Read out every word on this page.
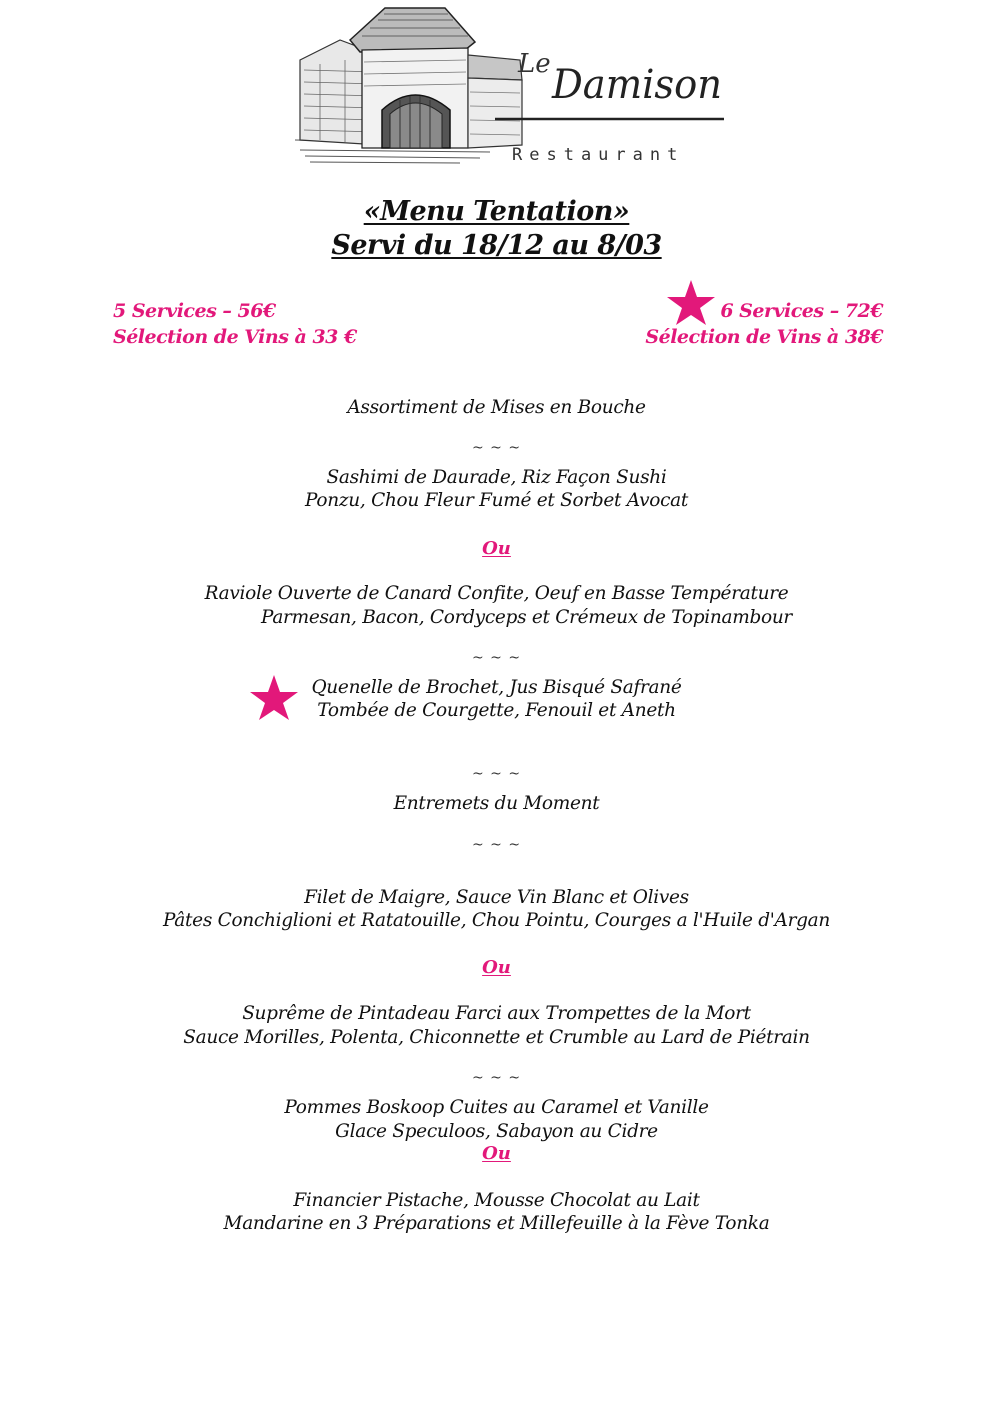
Le Damison
Restaurant
«Menu Tentation»
Servi du 18/12 au 8/03
5 Services – 56€
Sélection de Vins à 33 €
6 Services – 72€
Sélection de Vins à 38€
Assortiment de Mises en Bouche
~ ~ ~
Sashimi de Daurade, Riz Façon Sushi
Ponzu, Chou Fleur Fumé et Sorbet Avocat
Ou
Raviole Ouverte de Canard Confite, Oeuf en Basse Température
Parmesan, Bacon, Cordyceps et Crémeux de Topinambour
~ ~ ~
Quenelle de Brochet, Jus Bisqué Safrané
Tombée de Courgette, Fenouil et Aneth
~ ~ ~
Entremets du Moment
~ ~ ~
Filet de Maigre, Sauce Vin Blanc et Olives
Pâtes Conchiglioni et Ratatouille, Chou Pointu, Courges a l'Huile d'Argan
Ou
Suprême de Pintadeau Farci aux Trompettes de la Mort
Sauce Morilles, Polenta, Chiconnette et Crumble au Lard de Piétrain
~ ~ ~
Pommes Boskoop Cuites au Caramel et Vanille
Glace Speculoos, Sabayon au Cidre
Ou
Financier Pistache, Mousse Chocolat au Lait
Mandarine en 3 Préparations et Millefeuille à la Fève Tonka
